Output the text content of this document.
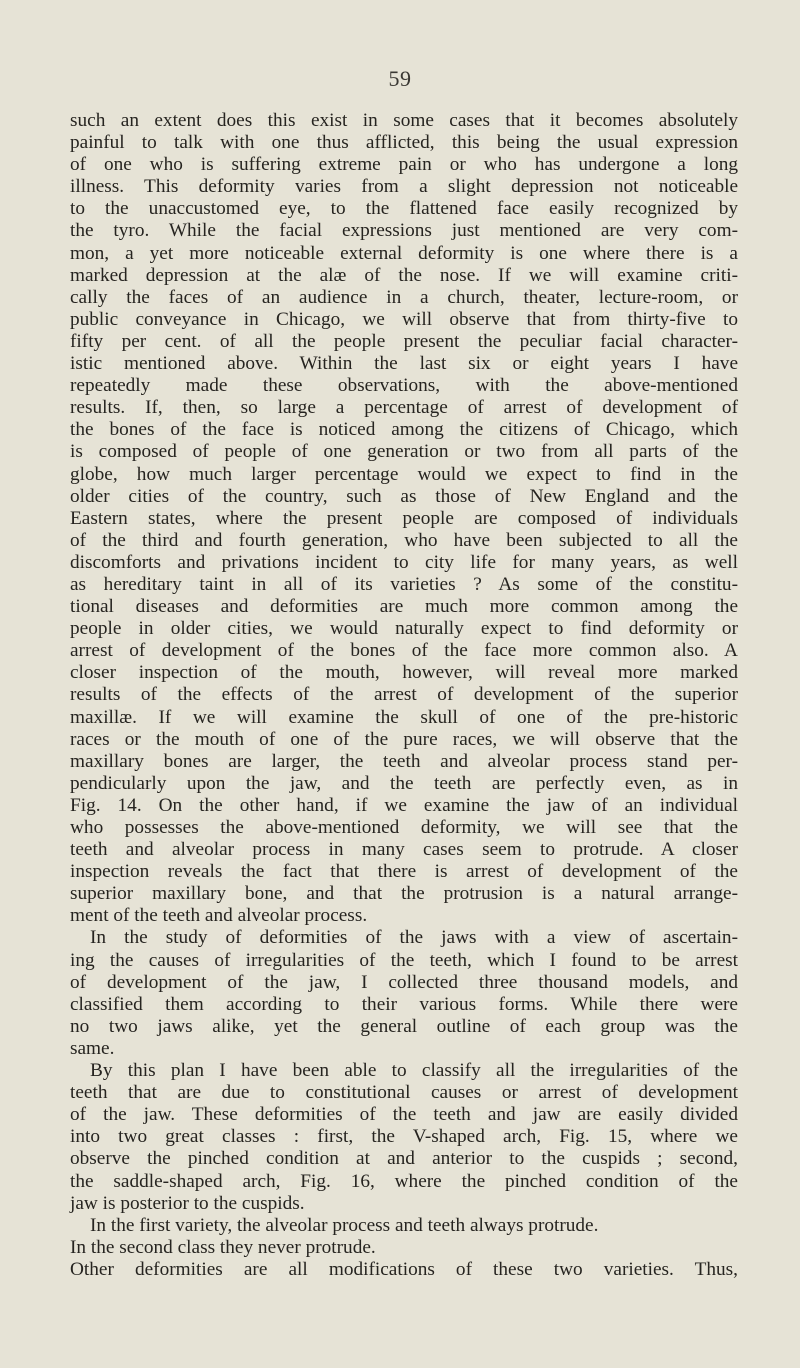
59
such an extent does this exist in some cases that it becomes absolutely
painful to talk with one thus afflicted, this being the usual expression
of one who is suffering extreme pain or who has undergone a long
illness. This deformity varies from a slight depression not noticeable
to the unaccustomed eye, to the flattened face easily recognized by
the tyro. While the facial expressions just mentioned are very com-
mon, a yet more noticeable external deformity is one where there is a
marked depression at the alæ of the nose. If we will examine criti-
cally the faces of an audience in a church, theater, lecture-room, or
public conveyance in Chicago, we will observe that from thirty-five to
fifty per cent. of all the people present the peculiar facial character-
istic mentioned above. Within the last six or eight years I have
repeatedly made these observations, with the above-mentioned
results. If, then, so large a percentage of arrest of development of
the bones of the face is noticed among the citizens of Chicago, which
is composed of people of one generation or two from all parts of the
globe, how much larger percentage would we expect to find in the
older cities of the country, such as those of New England and the
Eastern states, where the present people are composed of individuals
of the third and fourth generation, who have been subjected to all the
discomforts and privations incident to city life for many years, as well
as hereditary taint in all of its varieties ? As some of the constitu-
tional diseases and deformities are much more common among the
people in older cities, we would naturally expect to find deformity or
arrest of development of the bones of the face more common also. A
closer inspection of the mouth, however, will reveal more marked
results of the effects of the arrest of development of the superior
maxillæ. If we will examine the skull of one of the pre-historic
races or the mouth of one of the pure races, we will observe that the
maxillary bones are larger, the teeth and alveolar process stand per-
pendicularly upon the jaw, and the teeth are perfectly even, as in
Fig. 14. On the other hand, if we examine the jaw of an individual
who possesses the above-mentioned deformity, we will see that the
teeth and alveolar process in many cases seem to protrude. A closer
inspection reveals the fact that there is arrest of development of the
superior maxillary bone, and that the protrusion is a natural arrange-
ment of the teeth and alveolar process.
In the study of deformities of the jaws with a view of ascertain-
ing the causes of irregularities of the teeth, which I found to be arrest
of development of the jaw, I collected three thousand models, and
classified them according to their various forms. While there were
no two jaws alike, yet the general outline of each group was the
same.
By this plan I have been able to classify all the irregularities of the
teeth that are due to constitutional causes or arrest of development
of the jaw. These deformities of the teeth and jaw are easily divided
into two great classes : first, the V-shaped arch, Fig. 15, where we
observe the pinched condition at and anterior to the cuspids ; second,
the saddle-shaped arch, Fig. 16, where the pinched condition of the
jaw is posterior to the cuspids.
In the first variety, the alveolar process and teeth always protrude.
In the second class they never protrude.
Other deformities are all modifications of these two varieties. Thus,
